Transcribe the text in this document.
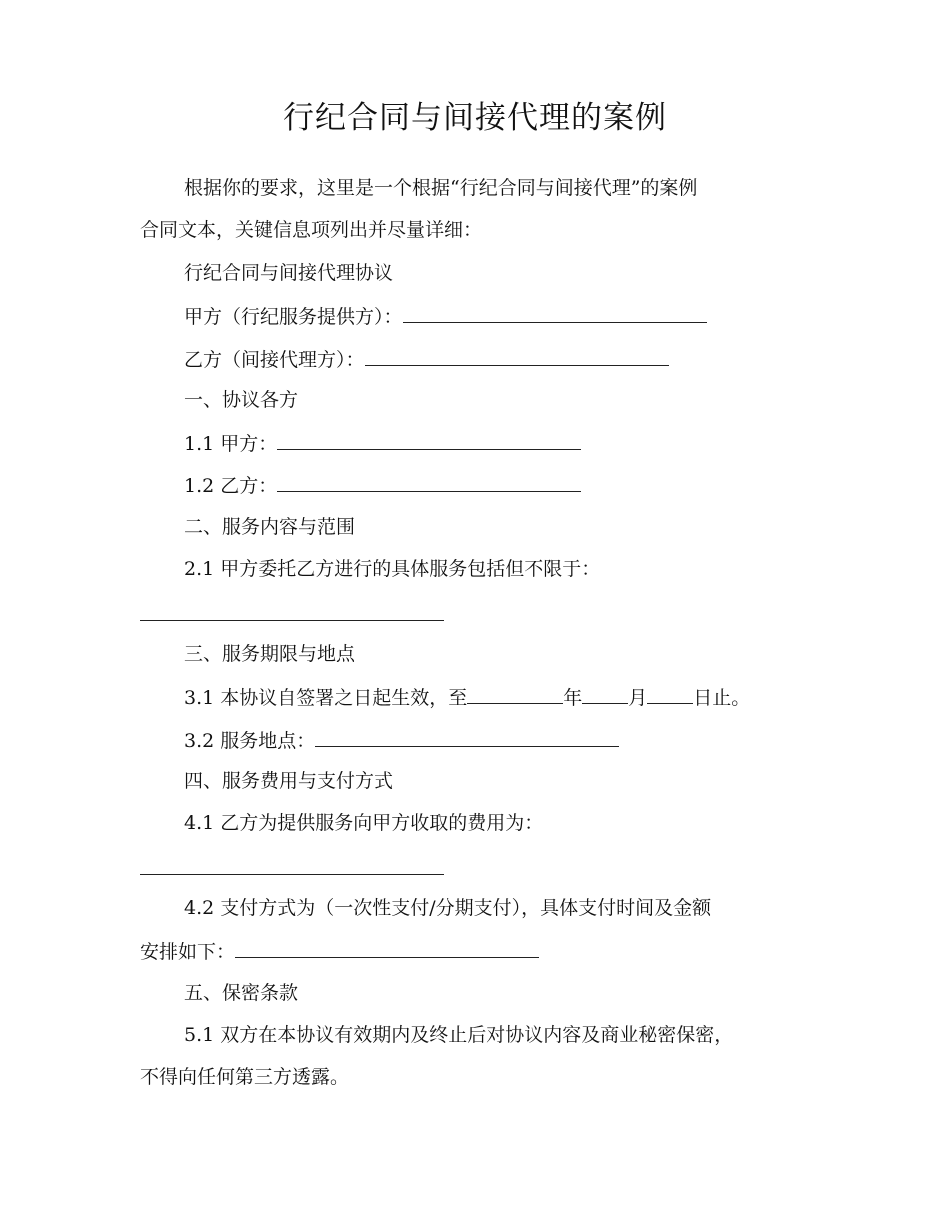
行纪合同与间接代理的案例
根据你的要求，这里是一个根据“行纪合同与间接代理”的案例
合同文本，关键信息项列出并尽量详细：
行纪合同与间接代理协议
甲方（行纪服务提供方）：
乙方（间接代理方）：
一、协议各方
1.1 甲方：
1.2 乙方：
二、服务内容与范围
2.1 甲方委托乙方进行的具体服务包括但不限于：
三、服务期限与地点
3.1 本协议自签署之日起生效，至	年 月 日止。
3.2 服务地点：
四、服务费用与支付方式
4.1 乙方为提供服务向甲方收取的费用为：
4.2 支付方式为（一次性支付/分期支付），具体支付时间及金额
安排如下：
五、保密条款
5.1 双方在本协议有效期内及终止后对协议内容及商业秘密保密，
不得向任何第三方透露。
